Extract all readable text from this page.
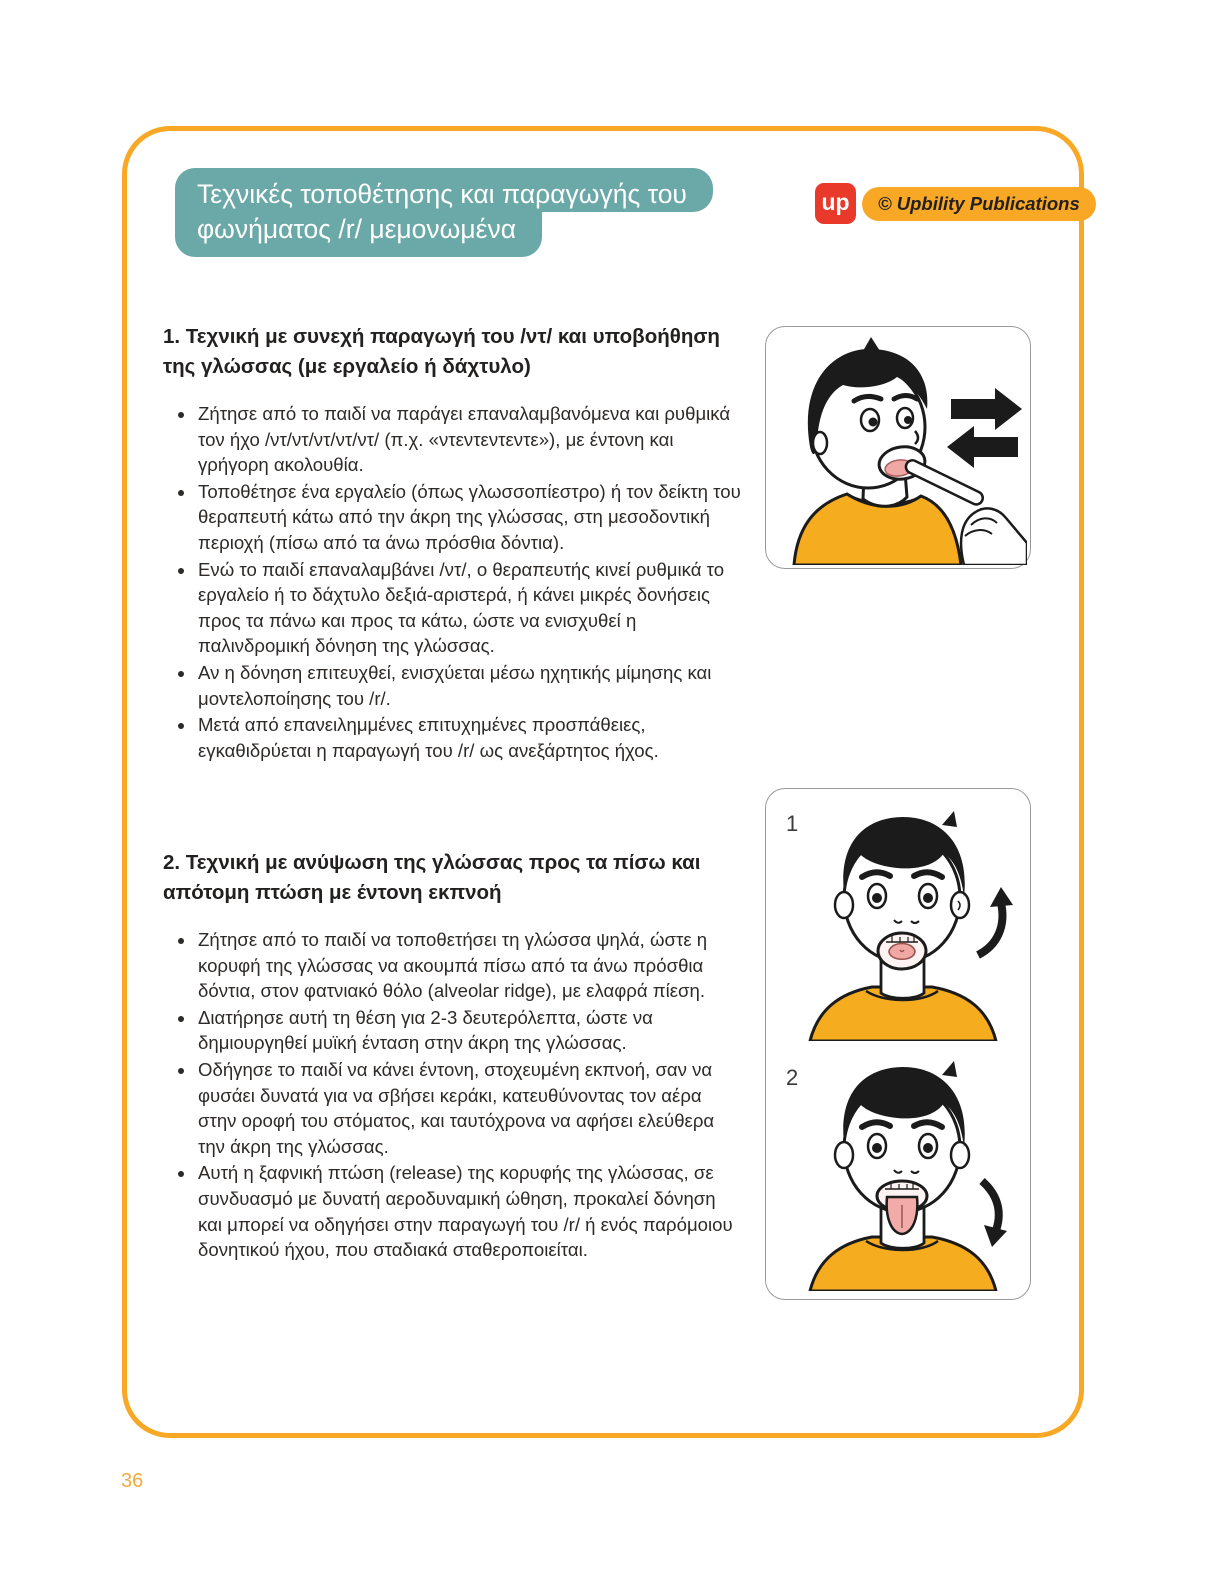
Τεχνικές τοποθέτησης και παραγωγής του
φωνήματος /r/ μεμονωμένα
up	© Upbility Publications
1. Τεχνική με συνεχή παραγωγή του /ντ/ και υποβοήθηση της γλώσσας (με εργαλείο ή δάχτυλο)
• Ζήτησε από το παιδί να παράγει επαναλαμβανόμενα και ρυθμικά τον ήχο /ντ/ντ/ντ/ντ/ντ/ (π.χ. «ντεντεντεντε»), με έντονη και γρήγορη ακολουθία.
• Τοποθέτησε ένα εργαλείο (όπως γλωσσοπίεστρο) ή τον δείκτη του θεραπευτή κάτω από την άκρη της γλώσσας, στη μεσοδοντική περιοχή (πίσω από τα άνω πρόσθια δόντια).
• Ενώ το παιδί επαναλαμβάνει /ντ/, ο θεραπευτής κινεί ρυθμικά το εργαλείο ή το δάχτυλο δεξιά-αριστερά, ή κάνει μικρές δονήσεις προς τα πάνω και προς τα κάτω, ώστε να ενισχυθεί η παλινδρομική δόνηση της γλώσσας.
• Αν η δόνηση επιτευχθεί, ενισχύεται μέσω ηχητικής μίμησης και μοντελοποίησης του /r/.
• Μετά από επανειλημμένες επιτυχημένες προσπάθειες, εγκαθιδρύεται η παραγωγή του /r/ ως ανεξάρτητος ήχος.
2. Τεχνική με ανύψωση της γλώσσας προς τα πίσω και απότομη πτώση με έντονη εκπνοή
• Ζήτησε από το παιδί να τοποθετήσει τη γλώσσα ψηλά, ώστε η κορυφή της γλώσσας να ακουμπά πίσω από τα άνω πρόσθια δόντια, στον φατνιακό θόλο (alveolar ridge), με ελαφρά πίεση.
• Διατήρησε αυτή τη θέση για 2-3 δευτερόλεπτα, ώστε να δημιουργηθεί μυϊκή ένταση στην άκρη της γλώσσας.
• Οδήγησε το παιδί να κάνει έντονη, στοχευμένη εκπνοή, σαν να φυσάει δυνατά για να σβήσει κεράκι, κατευθύνοντας τον αέρα στην οροφή του στόματος, και ταυτόχρονα να αφήσει ελεύθερα την άκρη της γλώσσας.
• Αυτή η ξαφνική πτώση (release) της κορυφής της γλώσσας, σε συνδυασμό με δυνατή αεροδυναμική ώθηση, προκαλεί δόνηση και μπορεί να οδηγήσει στην παραγωγή του /r/ ή ενός παρόμοιου δονητικού ήχου, που σταδιακά σταθεροποιείται.
1
2
36
